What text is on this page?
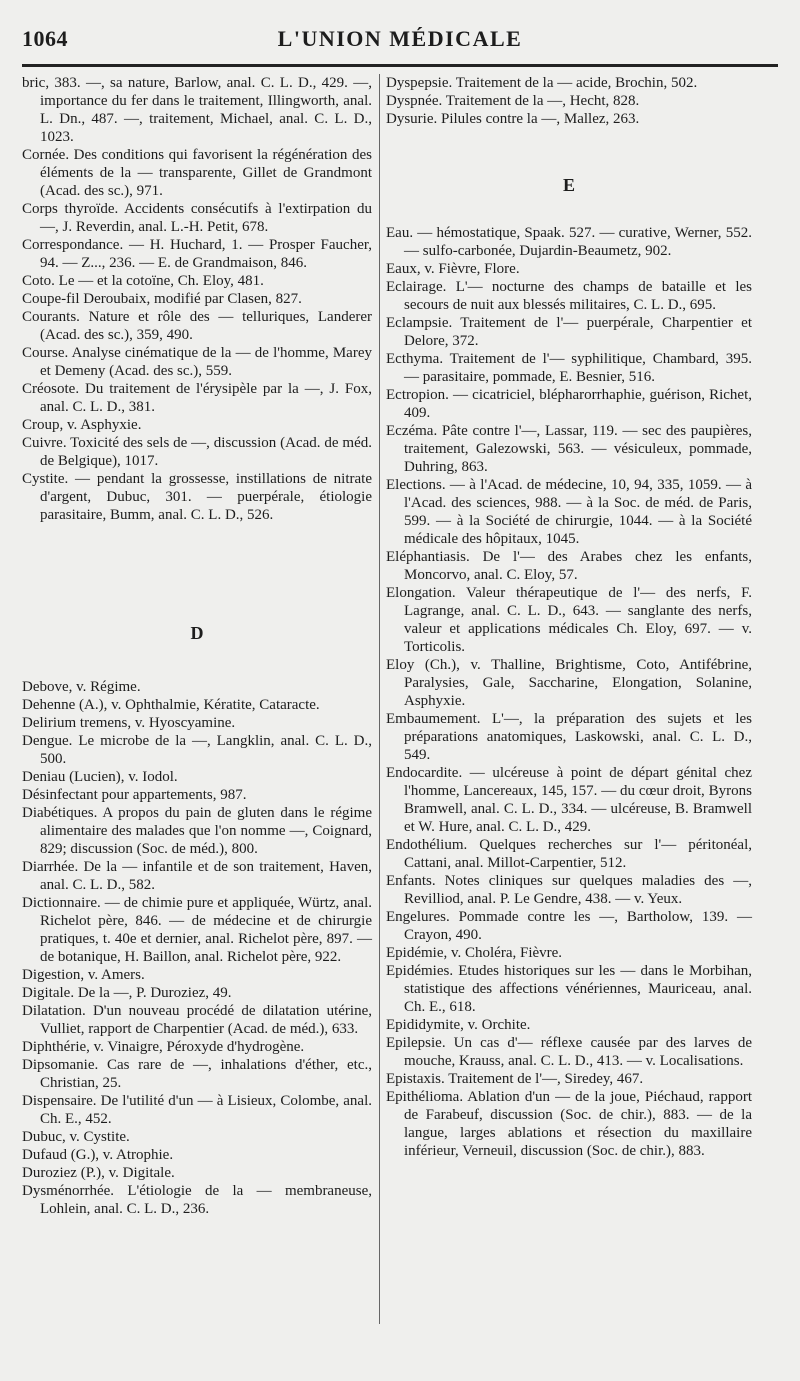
1064	L'UNION MÉDICALE

bric, 383. —, sa nature, Barlow, anal. C. L. D., 429. —, importance du fer dans le traitement, Illingworth, anal. L. Dn., 487. —, traitement, Michael, anal. C. L. D., 1023.

Cornée. Des conditions qui favorisent la régénération des éléments de la — transparente, Gillet de Grandmont (Acad. des sc.), 971.

Corps thyroïde. Accidents consécutifs à l'extirpation du —, J. Reverdin, anal. L.-H. Petit, 678.

Correspondance. — H. Huchard, 1. — Prosper Faucher, 94. — Z..., 236. — E. de Grandmaison, 846.

Coto. Le — et la cotoïne, Ch. Eloy, 481.

Coupe-fil Deroubaix, modifié par Clasen, 827.

Courants. Nature et rôle des — telluriques, Landerer (Acad. des sc.), 359, 490.

Course. Analyse cinématique de la — de l'homme, Marey et Demeny (Acad. des sc.), 559.

Créosote. Du traitement de l'érysipèle par la —, J. Fox, anal. C. L. D., 381.

Croup, v. Asphyxie.

Cuivre. Toxicité des sels de —, discussion (Acad. de méd. de Belgique), 1017.

Cystite. — pendant la grossesse, instillations de nitrate d'argent, Dubuc, 301. — puerpérale, étiologie parasitaire, Bumm, anal. C. L. D., 526.

D

Debove, v. Régime.

Dehenne (A.), v. Ophthalmie, Kératite, Cataracte.

Delirium tremens, v. Hyoscyamine.

Dengue. Le microbe de la —, Langklin, anal. C. L. D., 500.

Deniau (Lucien), v. Iodol.

Désinfectant pour appartements, 987.

Diabétiques. A propos du pain de gluten dans le régime alimentaire des malades que l'on nomme —, Coignard, 829; discussion (Soc. de méd.), 800.

Diarrhée. De la — infantile et de son traitement, Haven, anal. C. L. D., 582.

Dictionnaire. — de chimie pure et appliquée, Würtz, anal. Richelot père, 846. — de médecine et de chirurgie pratiques, t. 40e et dernier, anal. Richelot père, 897. — de botanique, H. Baillon, anal. Richelot père, 922.

Digestion, v. Amers.

Digitale. De la —, P. Duroziez, 49.

Dilatation. D'un nouveau procédé de dilatation utérine, Vulliet, rapport de Charpentier (Acad. de méd.), 633.

Diphthérie, v. Vinaigre, Péroxyde d'hydrogène.

Dipsomanie. Cas rare de —, inhalations d'éther, etc., Christian, 25.

Dispensaire. De l'utilité d'un — à Lisieux, Colombe, anal. Ch. E., 452.

Dubuc, v. Cystite.

Dufaud (G.), v. Atrophie.

Duroziez (P.), v. Digitale.

Dysménorrhée. L'étiologie de la — membraneuse, Lohlein, anal. C. L. D., 236.

Dyspepsie. Traitement de la — acide, Brochin, 502.

Dyspnée. Traitement de la —, Hecht, 828.

Dysurie. Pilules contre la —, Mallez, 263.

E

Eau. — hémostatique, Spaak. 527. — curative, Werner, 552. — sulfo-carbonée, Dujardin-Beaumetz, 902.

Eaux, v. Fièvre, Flore.

Eclairage. L'— nocturne des champs de bataille et les secours de nuit aux blessés militaires, C. L. D., 695.

Eclampsie. Traitement de l'— puerpérale, Charpentier et Delore, 372.

Ecthyma. Traitement de l'— syphilitique, Chambard, 395. — parasitaire, pommade, E. Besnier, 516.

Ectropion. — cicatriciel, blépharorrhaphie, guérison, Richet, 409.

Eczéma. Pâte contre l'—, Lassar, 119. — sec des paupières, traitement, Galezowski, 563. — vésiculeux, pommade, Duhring, 863.

Elections. — à l'Acad. de médecine, 10, 94, 335, 1059. — à l'Acad. des sciences, 988. — à la Soc. de méd. de Paris, 599. — à la Société de chirurgie, 1044. — à la Société médicale des hôpitaux, 1045.

Eléphantiasis. De l'— des Arabes chez les enfants, Moncorvo, anal. C. Eloy, 57.

Elongation. Valeur thérapeutique de l'— des nerfs, F. Lagrange, anal. C. L. D., 643. — sanglante des nerfs, valeur et applications médicales Ch. Eloy, 697. — v. Torticolis.

Eloy (Ch.), v. Thalline, Brightisme, Coto, Antifébrine, Paralysies, Gale, Saccharine, Elongation, Solanine, Asphyxie.

Embaumement. L'—, la préparation des sujets et les préparations anatomiques, Laskowski, anal. C. L. D., 549.

Endocardite. — ulcéreuse à point de départ génital chez l'homme, Lancereaux, 145, 157. — du cœur droit, Byrons Bramwell, anal. C. L. D., 334. — ulcéreuse, B. Bramwell et W. Hure, anal. C. L. D., 429.

Endothélium. Quelques recherches sur l'— péritonéal, Cattani, anal. Millot-Carpentier, 512.

Enfants. Notes cliniques sur quelques maladies des —, Revilliod, anal. P. Le Gendre, 438. — v. Yeux.

Engelures. Pommade contre les —, Bartholow, 139. — Crayon, 490.

Epidémie, v. Choléra, Fièvre.

Epidémies. Etudes historiques sur les — dans le Morbihan, statistique des affections vénériennes, Mauriceau, anal. Ch. E., 618.

Epididymite, v. Orchite.

Epilepsie. Un cas d'— réflexe causée par des larves de mouche, Krauss, anal. C. L. D., 413. — v. Localisations.

Epistaxis. Traitement de l'—, Siredey, 467.

Epithélioma. Ablation d'un — de la joue, Piéchaud, rapport de Farabeuf, discussion (Soc. de chir.), 883. — de la langue, larges ablations et résection du maxillaire inférieur, Verneuil, discussion (Soc. de chir.), 883.
